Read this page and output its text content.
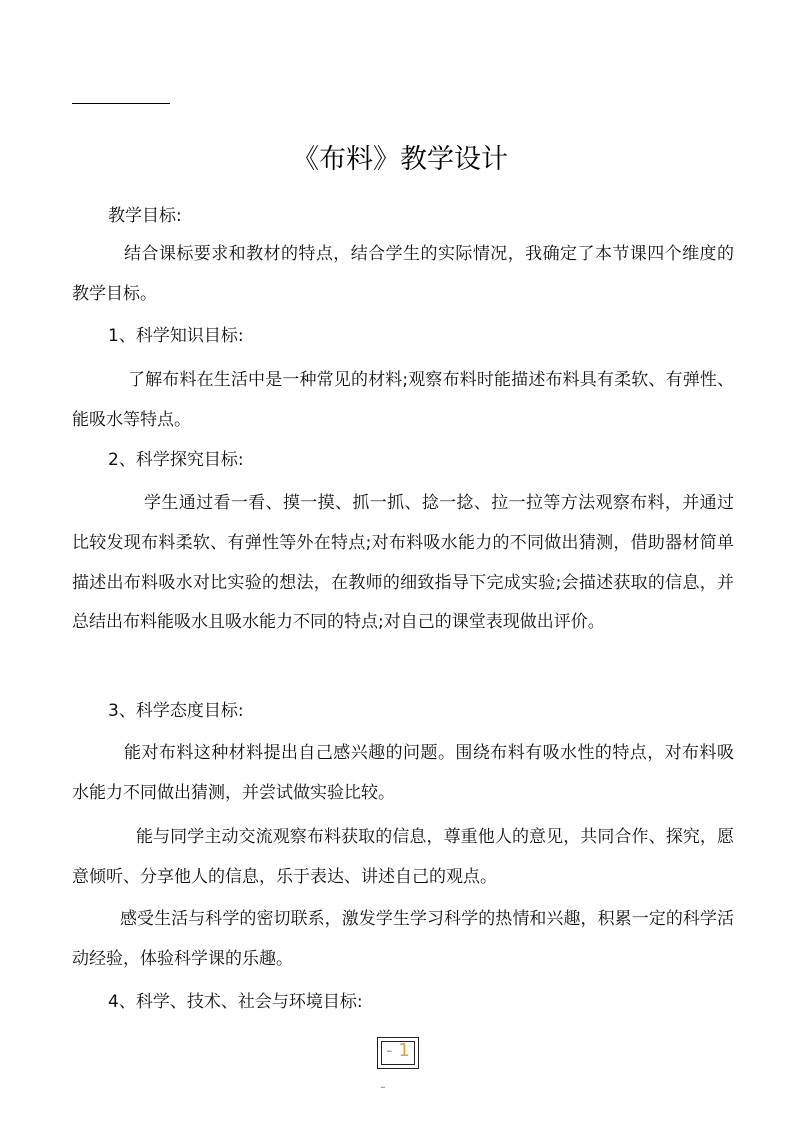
《布料》教学设计
教学目标:
结合课标要求和教材的特点，结合学生的实际情况，我确定了本节课四个维度的教学目标。
1、科学知识目标:
了解布料在生活中是一种常见的材料;观察布料时能描述布料具有柔软、有弹性、能吸水等特点。
2、科学探究目标:
学生通过看一看、摸一摸、抓一抓、捻一捻、拉一拉等方法观察布料，并通过比较发现布料柔软、有弹性等外在特点;对布料吸水能力的不同做出猜测，借助器材简单描述出布料吸水对比实验的想法，在教师的细致指导下完成实验;会描述获取的信息，并总结出布料能吸水且吸水能力不同的特点;对自己的课堂表现做出评价。
3、科学态度目标:
能对布料这种材料提出自己感兴趣的问题。围绕布料有吸水性的特点，对布料吸水能力不同做出猜测，并尝试做实验比较。
能与同学主动交流观察布料获取的信息，尊重他人的意见，共同合作、探究，愿意倾听、分享他人的信息，乐于表达、讲述自己的观点。
感受生活与科学的密切联系，激发学生学习科学的热情和兴趣，积累一定的科学活动经验，体验科学课的乐趣。
4、科学、技术、社会与环境目标:
- 1
-
